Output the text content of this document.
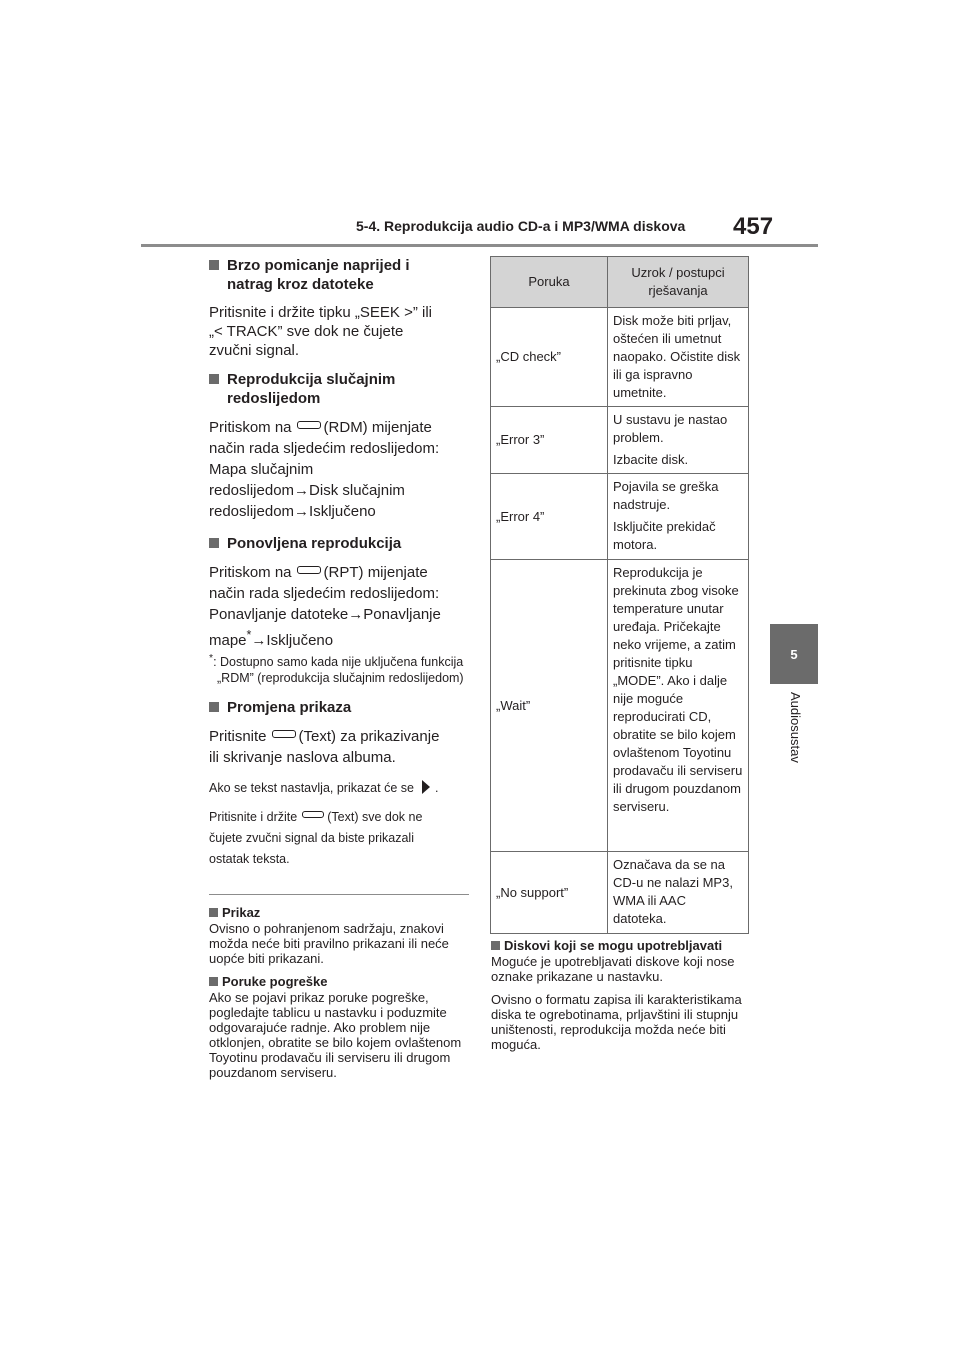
5-4. Reprodukcija audio CD-a i MP3/WMA diskova 457
5
Audiosustav
Brzo pomicanje naprijed i
natrag kroz datoteke
Pritisnite i držite tipku „SEEK >” ili
„< TRACK” sve dok ne čujete
zvučni signal.
Reprodukcija slučajnim
redoslijedom
Pritiskom na (RDM) mijenjate
način rada sljedećim redoslijedom:
Mapa slučajnim
redoslijedom→Disk slučajnim
redoslijedom→Isključeno
Ponovljena reprodukcija
Pritiskom na (RPT) mijenjate
način rada sljedećim redoslijedom:
Ponavljanje datoteke→Ponavljanje
mape*→Isključeno
*: Dostupno samo kada nije uključena funkcija „RDM” (reprodukcija slučajnim redoslijedom)
Promjena prikaza
Pritisnite (Text) za prikazivanje
ili skrivanje naslova albuma.
Ako se tekst nastavlja, prikazat će se .
Pritisnite i držite (Text) sve dok ne
čujete zvučni signal da biste prikazali
ostatak teksta.
Prikaz
Ovisno o pohranjenom sadržaju, znakovi možda neće biti pravilno prikazani ili neće uopće biti prikazani.
Poruke pogreške
Ako se pojavi prikaz poruke pogreške, pogledajte tablicu u nastavku i poduzmite odgovarajuće radnje. Ako problem nije otklonjen, obratite se bilo kojem ovlaštenom Toyotinu prodavaču ili serviseru ili drugom pouzdanom serviseru.
Poruka	Uzrok / postupci rješavanja
„CD check”	Disk može biti prljav, oštećen ili umetnut naopako. Očistite disk ili ga ispravno umetnite.

„Error 3”	U sustavu je nastao problem.
Izbacite disk.

„Error 4”	Pojavila se greška nadstruje.
Isključite prekidač motora.

„Wait”	Reprodukcija je prekinuta zbog visoke temperature unutar uređaja. Pričekajte neko vrijeme, a zatim pritisnite tipku „MODE”. Ako i dalje nije moguće reproducirati CD, obratite se bilo kojem ovlaštenom Toyotinu prodavaču ili serviseru ili drugom pouzdanom serviseru.

„No support”	Označava da se na CD-u ne nalazi MP3, WMA ili AAC datoteka.
Diskovi koji se mogu upotrebljavati
Moguće je upotrebljavati diskove koji nose oznake prikazane u nastavku.
Ovisno o formatu zapisa ili karakteristikama diska te ogrebotinama, prljavštini ili stupnju uništenosti, reprodukcija možda neće biti moguća.
